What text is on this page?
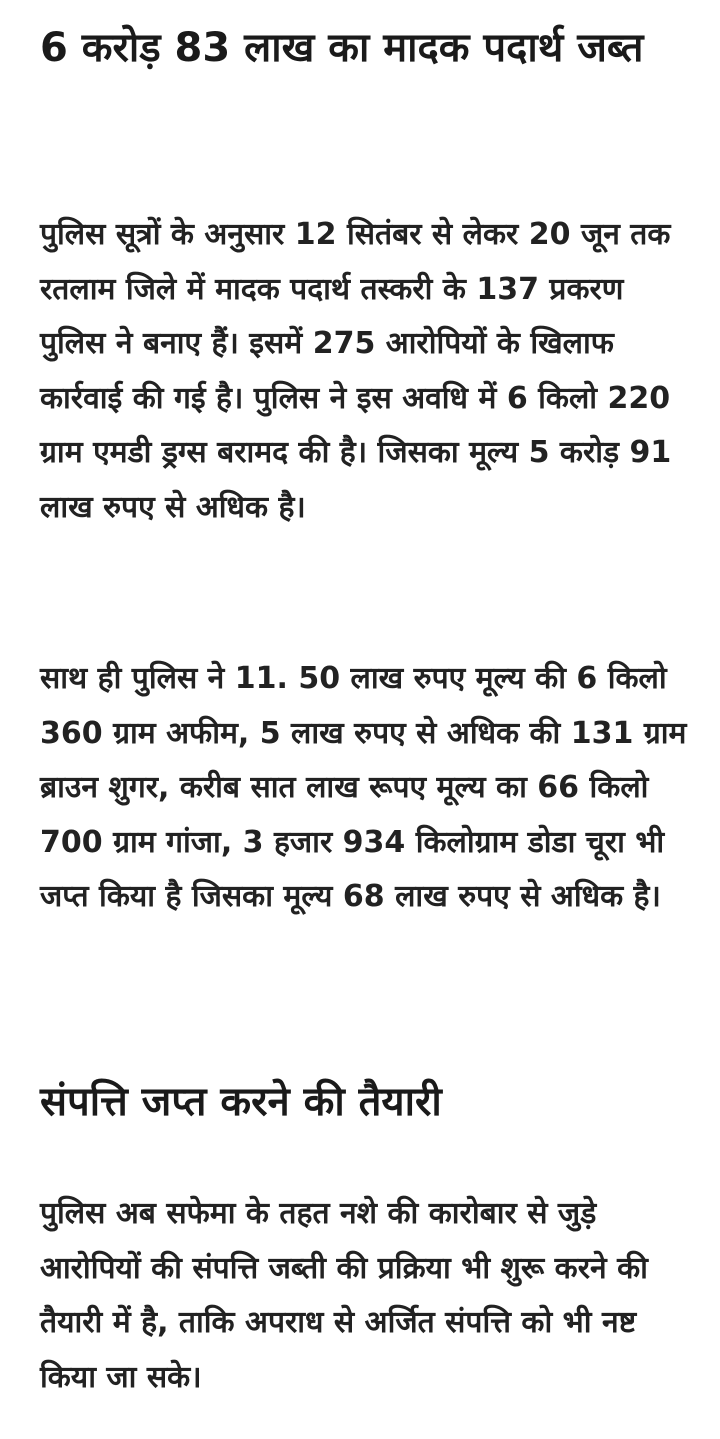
6 करोड़ 83 लाख का मादक पदार्थ जब्त

पुलिस सूत्रों के अनुसार 12 सितंबर से लेकर 20 जून तक रतलाम जिले में मादक पदार्थ तस्करी के 137 प्रकरण पुलिस ने बनाए हैं। इसमें 275 आरोपियों के खिलाफ कार्रवाई की गई है। पुलिस ने इस अवधि में 6 किलो 220 ग्राम एमडी ड्रग्स बरामद की है। जिसका मूल्य 5 करोड़ 91 लाख रुपए से अधिक है।

साथ ही पुलिस ने 11. 50 लाख रुपए मूल्य की 6 किलो 360 ग्राम अफीम, 5 लाख रुपए से अधिक की 131 ग्राम ब्राउन शुगर, करीब सात लाख रूपए मूल्य का 66 किलो 700 ग्राम गांजा, 3 हजार 934 किलोग्राम डोडा चूरा भी जप्त किया है जिसका मूल्य 68 लाख रुपए से अधिक है।

संपत्ति जप्त करने की तैयारी

पुलिस अब सफेमा के तहत नशे की कारोबार से जुड़े आरोपियों की संपत्ति जब्ती की प्रक्रिया भी शुरू करने की तैयारी में है, ताकि अपराध से अर्जित संपत्ति को भी नष्ट किया जा सके।
